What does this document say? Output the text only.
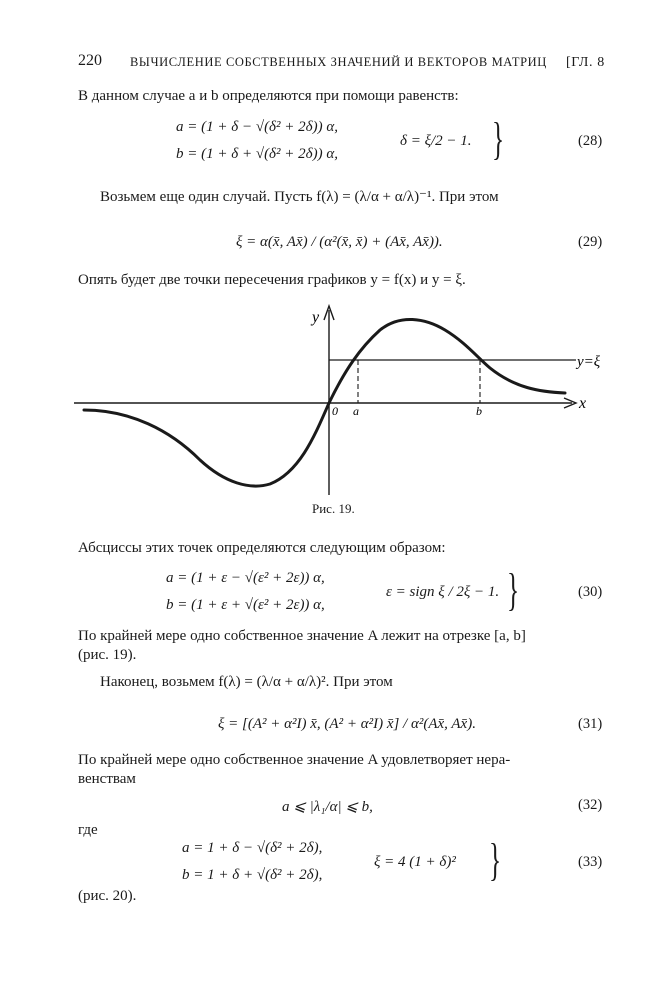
220 ВЫЧИСЛЕНИЕ СОБСТВЕННЫХ ЗНАЧЕНИЙ И ВЕКТОРОВ МАТРИЦ [ГЛ. 8
В данном случае a и b определяются при помощи равенств:
a = (1 + δ − √(δ² + 2δ)) α,
b = (1 + δ + √(δ² + 2δ)) α,
δ = ξ/2 − 1. }	(28)
Возьмем еще один случай. Пусть f(λ) = (λ/α + α/λ)⁻¹. При этом
ξ = α(x̄, Ax̄) / (α²(x̄, x̄) + (Ax̄, Ax̄)).	(29)
Опять будет две точки пересечения графиков y = f(x) и y = ξ.
y
x
y=ξ
0 a	b
Рис. 19.
Абсциссы этих точек определяются следующим образом:
a = (1 + ε − √(ε² + 2ε)) α,
b = (1 + ε + √(ε² + 2ε)) α,
ε = sign ξ / 2ξ − 1. }	(30)
По крайней мере одно собственное значение A лежит на отрезке [a, b]
(рис. 19).
Наконец, возьмем f(λ) = (λ/α + α/λ)². При этом
ξ = [(A² + α²I) x̄, (A² + α²I) x̄] / α²(Ax̄, Ax̄).	(31)
По крайней мере одно собственное значение A удовлетворяет нера-
венствам
a ⩽ |λ₁/α| ⩽ b,	(32)
где
a = 1 + δ − √(δ² + 2δ),
b = 1 + δ + √(δ² + 2δ),
ξ = 4 (1 + δ)² }	(33)
(рис. 20).
